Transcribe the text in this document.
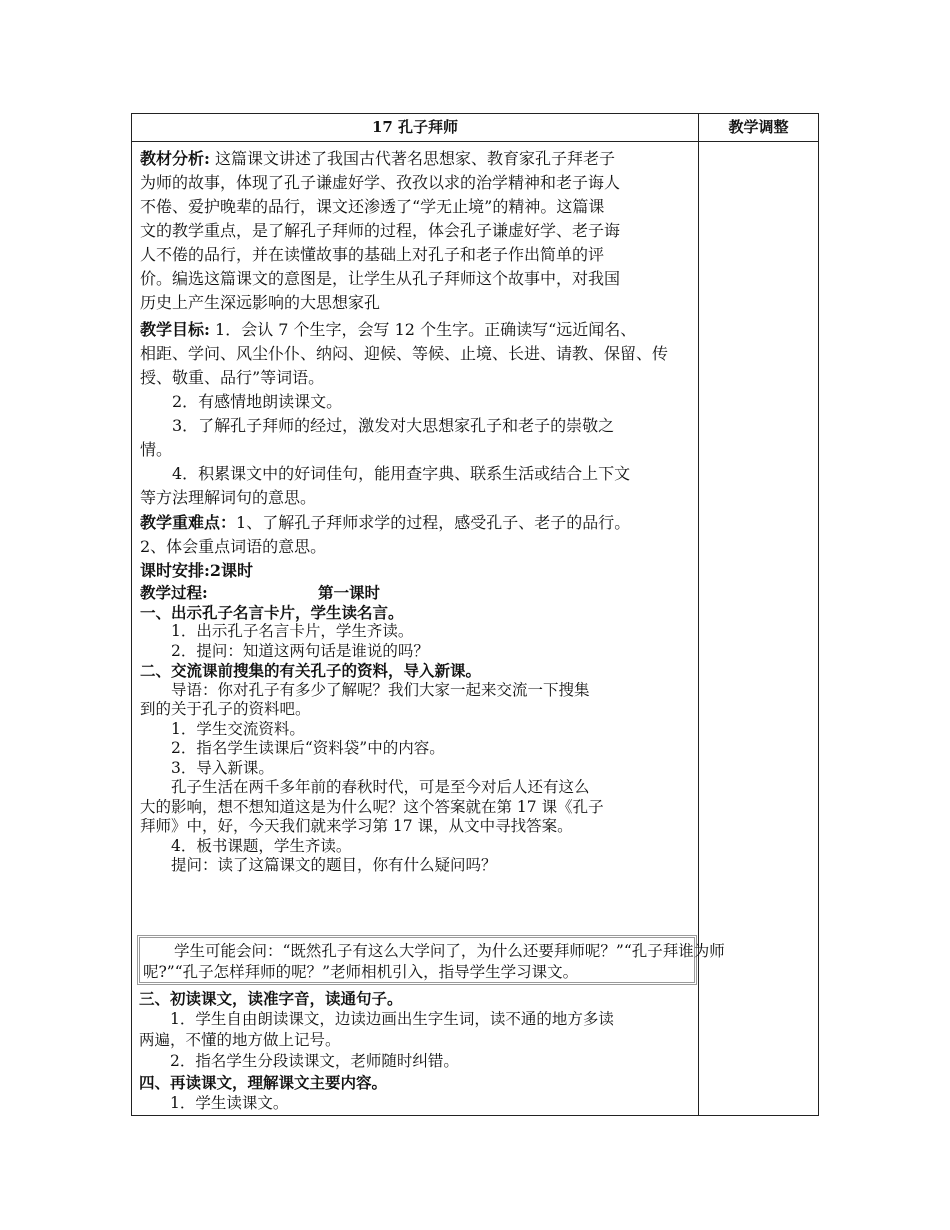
17 孔子拜师	教学调整

教材分析: 这篇课文讲述了我国古代著名思想家、教育家孔子拜老子

为师的故事，体现了孔子谦虚好学、孜孜以求的治学精神和老子诲人

不倦、爱护晚辈的品行，课文还渗透了“学无止境”的精神。这篇课

文的教学重点，是了解孔子拜师的过程，体会孔子谦虚好学、老子诲

人不倦的品行，并在读懂故事的基础上对孔子和老子作出简单的评

价。编选这篇课文的意图是，让学生从孔子拜师这个故事中，对我国

历史上产生深远影响的大思想家孔

教学目标: 1．会认 7 个生字，会写 12 个生字。正确读写“远近闻名、

相距、学问、风尘仆仆、纳闷、迎候、等候、止境、长进、请教、保留、传

授、敬重、品行”等词语。

2．有感情地朗读课文。

3．了解孔子拜师的经过，激发对大思想家孔子和老子的崇敬之

情。

4．积累课文中的好词佳句，能用查字典、联系生活或结合上下文

等方法理解词句的意思。

教学重难点：1、了解孔子拜师求学的过程，感受孔子、老子的品行。

2、体会重点词语的意思。

课时安排:2课时

教学过程:	第一课时

一、出示孔子名言卡片，学生读名言。

1．出示孔子名言卡片，学生齐读。

2．提问：知道这两句话是谁说的吗？

二、交流课前搜集的有关孔子的资料，导入新课。

导语：你对孔子有多少了解呢？我们大家一起来交流一下搜集

到的关于孔子的资料吧。

1．学生交流资料。

2．指名学生读课后“资料袋”中的内容。

3．导入新课。

孔子生活在两千多年前的春秋时代，可是至今对后人还有这么

大的影响，想不想知道这是为什么呢？这个答案就在第 17 课《孔子

拜师》中，好，今天我们就来学习第 17 课，从文中寻找答案。

4．板书课题，学生齐读。

提问：读了这篇课文的题目，你有什么疑问吗？

学生可能会问：“既然孔子有这么大学问了，为什么还要拜师呢？”“孔子拜谁为师

呢?”“孔子怎样拜师的呢？”老师相机引入，指导学生学习课文。

三、初读课文，读准字音，读通句子。

1．学生自由朗读课文，边读边画出生字生词，读不通的地方多读

两遍，不懂的地方做上记号。

2．指名学生分段读课文，老师随时纠错。

四、再读课文，理解课文主要内容。

1．学生读课文。
